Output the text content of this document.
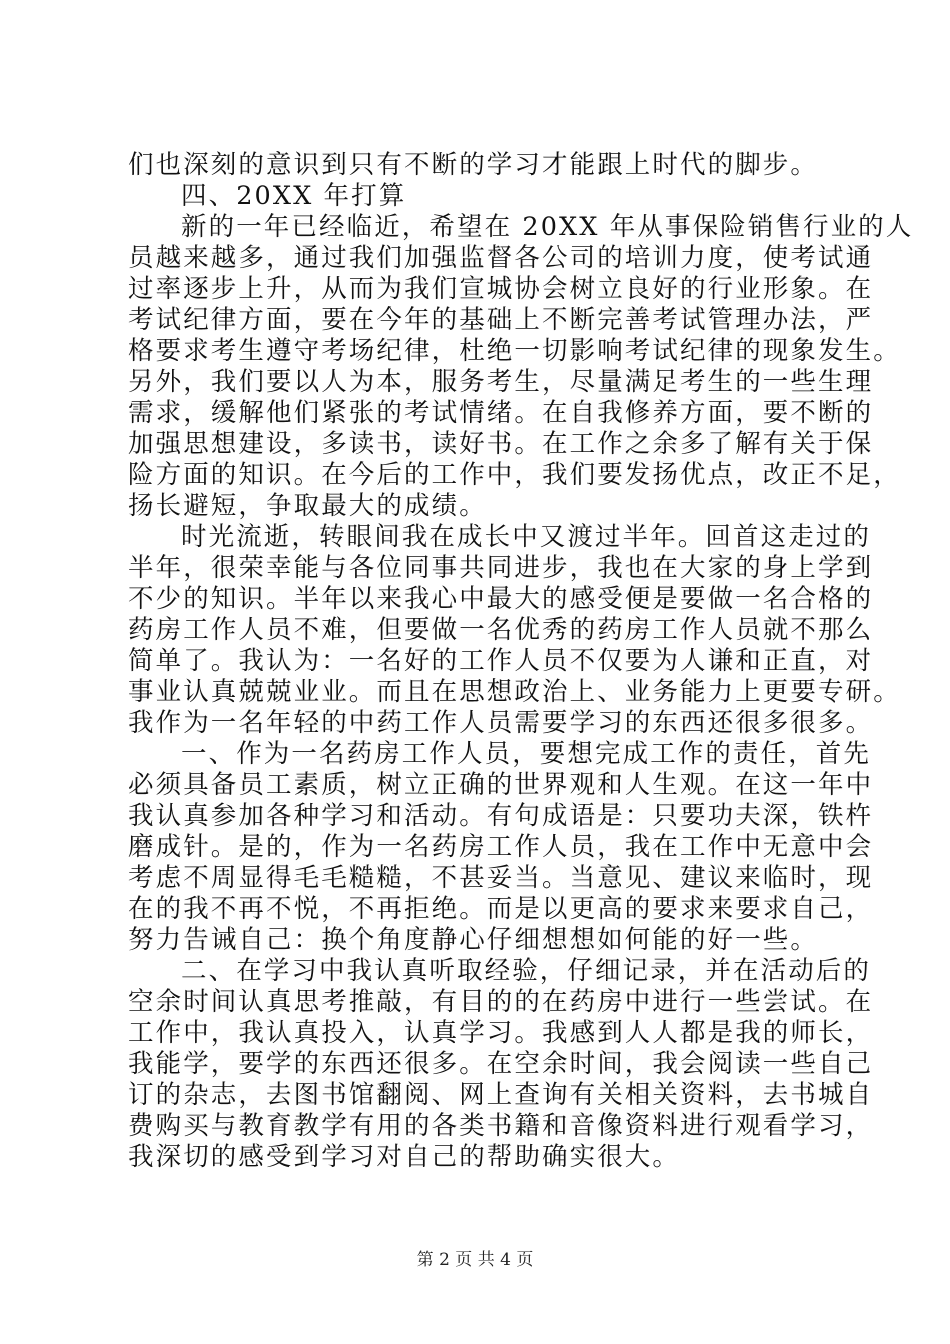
们也深刻的意识到只有不断的学习才能跟上时代的脚步。

四、20XX 年打算

新的一年已经临近，希望在 20XX 年从事保险销售行业的人

员越来越多，通过我们加强监督各公司的培训力度，使考试通

过率逐步上升，从而为我们宣城协会树立良好的行业形象。在

考试纪律方面，要在今年的基础上不断完善考试管理办法，严

格要求考生遵守考场纪律，杜绝一切影响考试纪律的现象发生。

另外，我们要以人为本，服务考生，尽量满足考生的一些生理

需求，缓解他们紧张的考试情绪。在自我修养方面，要不断的

加强思想建设，多读书，读好书。在工作之余多了解有关于保

险方面的知识。在今后的工作中，我们要发扬优点，改正不足，

扬长避短，争取最大的成绩。

时光流逝，转眼间我在成长中又渡过半年。回首这走过的

半年，很荣幸能与各位同事共同进步，我也在大家的身上学到

不少的知识。半年以来我心中最大的感受便是要做一名合格的

药房工作人员不难，但要做一名优秀的药房工作人员就不那么

简单了。我认为：一名好的工作人员不仅要为人谦和正直，对

事业认真兢兢业业。而且在思想政治上、业务能力上更要专研。

我作为一名年轻的中药工作人员需要学习的东西还很多很多。

一、作为一名药房工作人员，要想完成工作的责任，首先

必须具备员工素质，树立正确的世界观和人生观。在这一年中

我认真参加各种学习和活动。有句成语是：只要功夫深，铁杵

磨成针。是的，作为一名药房工作人员，我在工作中无意中会

考虑不周显得毛毛糙糙，不甚妥当。当意见、建议来临时，现

在的我不再不悦，不再拒绝。而是以更高的要求来要求自己，

努力告诫自己：换个角度静心仔细想想如何能的好一些。

二、在学习中我认真听取经验，仔细记录，并在活动后的

空余时间认真思考推敲，有目的的在药房中进行一些尝试。在

工作中，我认真投入，认真学习。我感到人人都是我的师长，

我能学，要学的东西还很多。在空余时间，我会阅读一些自己

订的杂志，去图书馆翻阅、网上查询有关相关资料，去书城自

费购买与教育教学有用的各类书籍和音像资料进行观看学习，

我深切的感受到学习对自己的帮助确实很大。

第 2 页 共 4 页
